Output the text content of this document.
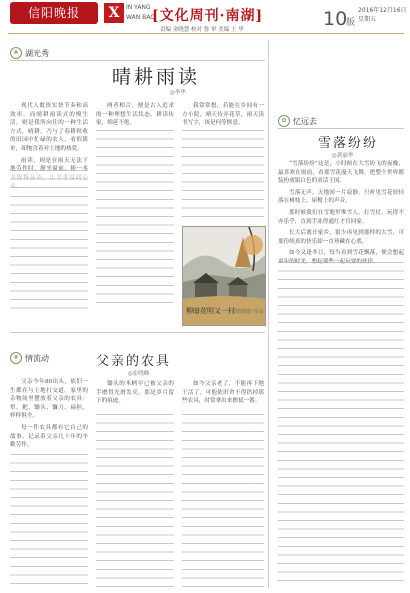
信阳晚报	X	IN YANG
WAN BAO
[文化周刊·南湖]	10
版
2016年12月16日
星期五
责编 金晓慧 校对 鲁 审 美编 王 华
❀ 湖光秀
晴耕雨读
◎李华

现代人耽资实快节奏和高效率，而晴耕雨读式的慢生活，则是我所向往的一种生活方式。晴耕，乃与了春耕秋收的田园中忙碌的农人，看似简单，却饱含着对土地的热爱。

雨读，则是在雨天无法下

两者相合，便是古人追求的一种理想生活状态，耕读传家，绵延不绝。

我常常想，若能在乡间有一方小院，晴天侍弄花草，雨天读书写字，该是何等惬意。

柳暗花明又一村
刘晓摄影 作品
✿ 忆远去
雪落纷纷
◎黄丽华

“雪落纷纷”这是，小时候在大雪纷飞的夜晚，最喜欢在窗前，看那雪花漫天飞舞，把整个世界都装扮成银白色的童话王国。

雪落无声，天地间一片寂静，只听见雪花轻轻落在树枝上、屋檐上的声音。

那时候我们在雪地里堆雪人、打雪仗，玩得不亦乐乎，直到手冻得通红才肯回家。

长大后离开家乡，很少再见到那样的大雪，可那份纯真的快乐却一直珍藏在心底。

如今又逢冬日，每当看到雪花飘落，便会想起

❦ 情流动	父亲的农具
◎崔晓峰

父亲今年80出头，依旧一生都在与土地打交道。家里的杂物间里摆放着父亲的农具：犁、耙、锄头、镰刀、扁担，样样俱全。

每一件农具都有它自己的故事，记录着父亲几十年的辛勤劳作。

锄头的木柄早已被父亲的手磨得光滑发亮，那是岁月留下的痕迹。

如今父亲老了，不能再下地干活了，可他依旧舍不得扔掉那些农具，时常拿出来擦拭一番。
